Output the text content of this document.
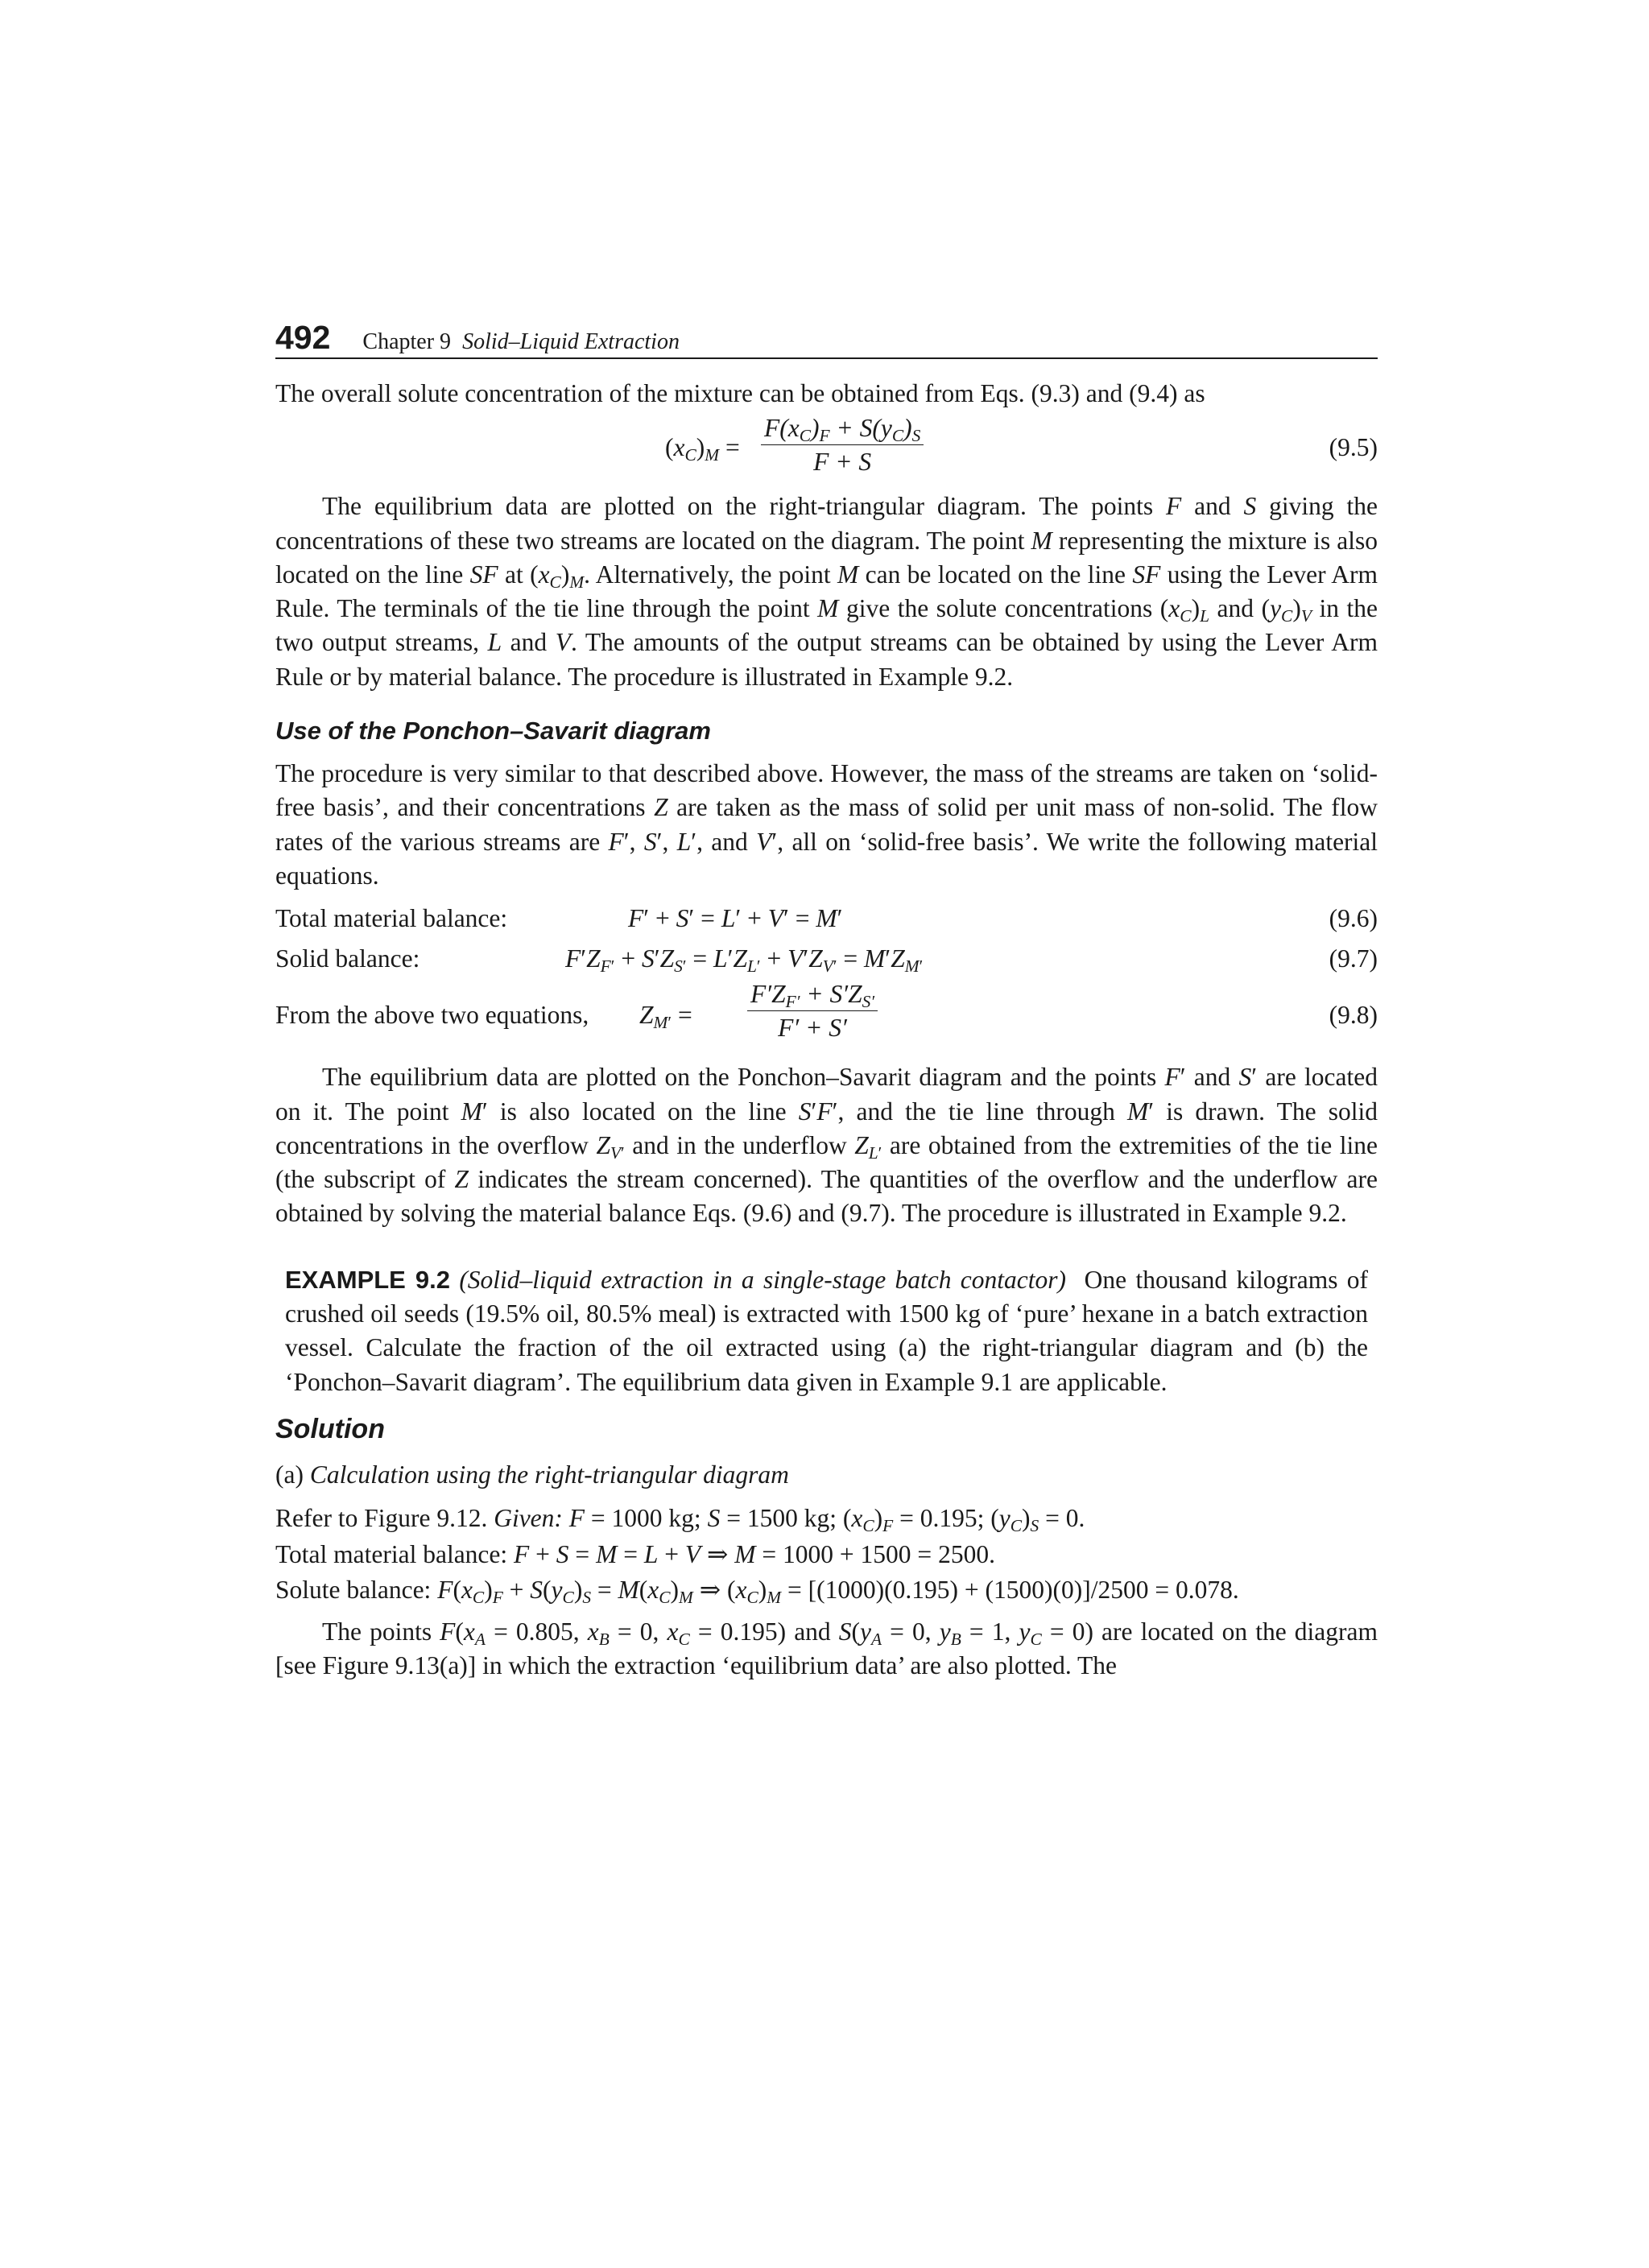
492 Chapter 9 Solid–Liquid Extraction

The overall solute concentration of the mixture can be obtained from Eqs. (9.3) and (9.4) as

$(x_C)_M = \frac{F(x_C)_F + S(y_C)_S}{F + S}$	(9.5)

The equilibrium data are plotted on the right-triangular diagram. The points F and S giving the concentrations of these two streams are located on the diagram. The point M representing the mixture is also located on the line SF at $(x_C)_M$. Alternatively, the point M can be located on the line SF using the Lever Arm Rule. The terminals of the tie line through the point M give the solute concentrations $(x_C)_L$ and $(y_C)_V$ in the two output streams, L and V. The amounts of the output streams can be obtained by using the Lever Arm Rule or by material balance. The procedure is illustrated in Example 9.2.

Use of the Ponchon–Savarit diagram

The procedure is very similar to that described above. However, the mass of the streams are taken on ‘solid-free basis’, and their concentrations Z are taken as the mass of solid per unit mass of non-solid. The flow rates of the various streams are F′, S′, L′, and V′, all on ‘solid-free basis’. We write the following material equations.

Total material balance:	F′ + S′ = L′ + V′ = M′	(9.6)
Solid balance:	$F'Z_{F'} + S'Z_{S'} = L'Z_{L'} + V'Z_{V'} = M'Z_{M'}$	(9.7)
From the above two equations, $Z_{M'} = \frac{F'Z_{F'} + S'Z_{S'}}{F' + S'}$	(9.8)

The equilibrium data are plotted on the Ponchon–Savarit diagram and the points F′ and S′ are located on it. The point M′ is also located on the line S′F′, and the tie line through M′ is drawn. The solid concentrations in the overflow $Z_{V'}$ and in the underflow $Z_{L'}$ are obtained from the extremities of the tie line (the subscript of Z indicates the stream concerned). The quantities of the overflow and the underflow are obtained by solving the material balance Eqs. (9.6) and (9.7). The procedure is illustrated in Example 9.2.

EXAMPLE 9.2 (Solid–liquid extraction in a single-stage batch contactor) One thousand kilograms of crushed oil seeds (19.5% oil, 80.5% meal) is extracted with 1500 kg of ‘pure’ hexane in a batch extraction vessel. Calculate the fraction of the oil extracted using (a) the right-triangular diagram and (b) the ‘Ponchon–Savarit diagram’. The equilibrium data given in Example 9.1 are applicable.

Solution

(a) Calculation using the right-triangular diagram

Refer to Figure 9.12. Given: F = 1000 kg; S = 1500 kg; $(x_C)_F = 0.195$; $(y_C)_S = 0$.

Total material balance: F + S = M = L + V ⇒ M = 1000 + 1500 = 2500.

Solute balance: $F(x_C)_F + S(y_C)_S = M(x_C)_M$ ⇒ $(x_C)_M = [(1000)(0.195) + (1500)(0)]/2500 = 0.078$.

The points $F(x_A = 0.805$, $x_B = 0$, $x_C = 0.195$) and $S(y_A = 0$, $y_B = 1$, $y_C = 0$) are located on the diagram [see Figure 9.13(a)] in which the extraction ‘equilibrium data’ are also plotted. The
